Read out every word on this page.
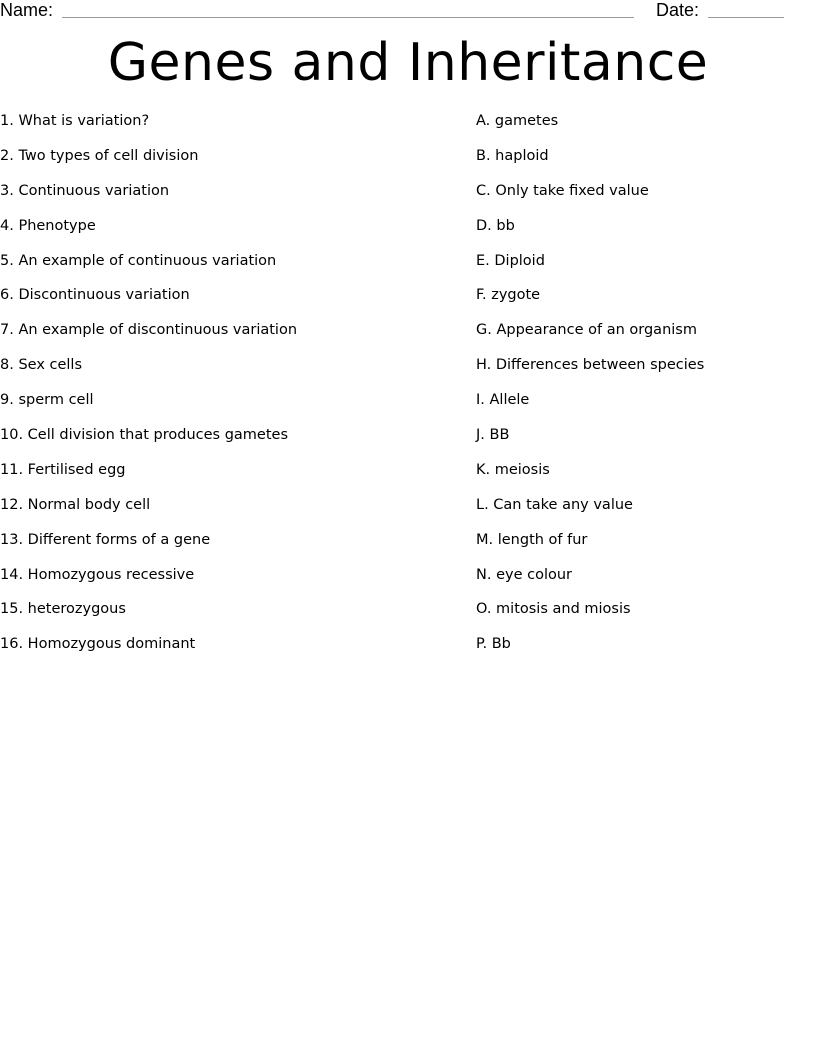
Name:	Date:
Genes and Inheritance
1. What is variation?
2. Two types of cell division
3. Continuous variation
4. Phenotype
5. An example of continuous variation
6. Discontinuous variation
7. An example of discontinuous variation
8. Sex cells
9. sperm cell
10. Cell division that produces gametes
11. Fertilised egg
12. Normal body cell
13. Different forms of a gene
14. Homozygous recessive
15. heterozygous
16. Homozygous dominant
A. gametes
B. haploid
C. Only take fixed value
D. bb
E. Diploid
F. zygote
G. Appearance of an organism
H. Differences between species
I. Allele
J. BB
K. meiosis
L. Can take any value
M. length of fur
N. eye colour
O. mitosis and miosis
P. Bb
